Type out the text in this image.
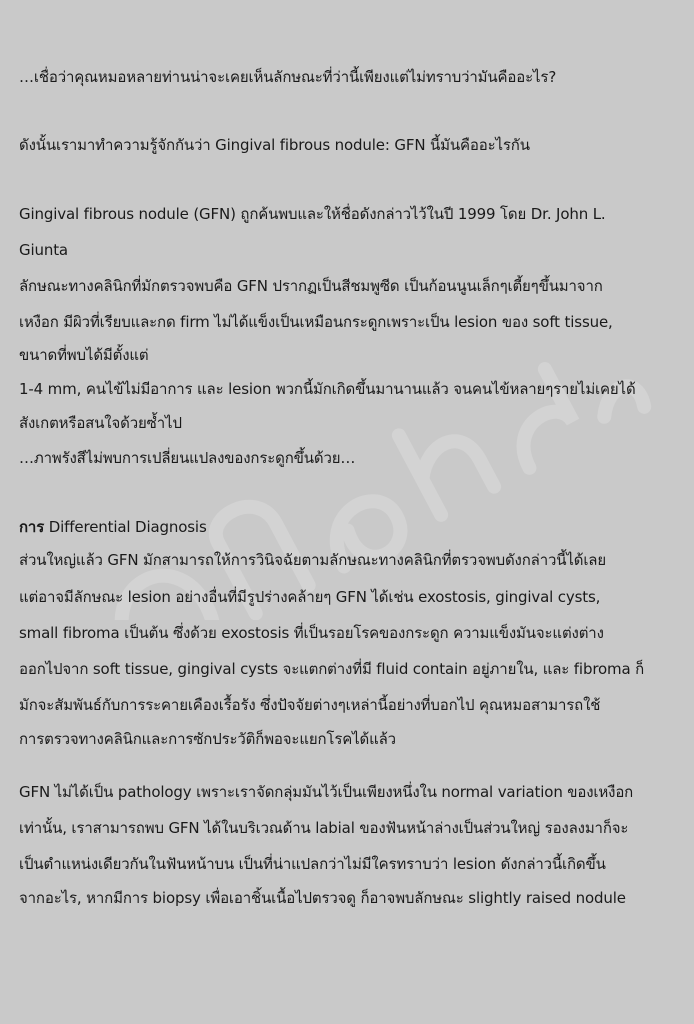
…เชื่อว่าคุณหมอหลายท่านน่าจะเคยเห็นลักษณะที่ว่านี้เพียงแต่ไม่ทราบว่ามันคืออะไร?

ดังนั้นเรามาทำความรู้จักกันว่า Gingival fibrous nodule: GFN นี้มันคืออะไรกัน

Gingival fibrous nodule (GFN) ถูกค้นพบและให้ชื่อดังกล่าวไว้ในปี 1999 โดย Dr. John L.

Giunta

ลักษณะทางคลินิกที่มักตรวจพบคือ GFN ปรากฏเป็นสีชมพูซีด เป็นก้อนนูนเล็กๆเตี้ยๆขึ้นมาจาก

เหงือก มีผิวที่เรียบและกด firm ไม่ได้แข็งเป็นเหมือนกระดูกเพราะเป็น lesion ของ soft tissue,

ขนาดที่พบได้มีตั้งแต่

1-4 mm, คนไข้ไม่มีอาการ และ lesion พวกนี้มักเกิดขึ้นมานานแล้ว จนคนไข้หลายๆรายไม่เคยได้

สังเกตหรือสนใจด้วยซ้ำไป

…ภาพรังสีไม่พบการเปลี่ยนแปลงของกระดูกขึ้นด้วย…

การ Differential Diagnosis

ส่วนใหญ่แล้ว GFN มักสามารถให้การวินิจฉัยตามลักษณะทางคลินิกที่ตรวจพบดังกล่าวนี้ได้เลย

แต่อาจมีลักษณะ lesion อย่างอื่นที่มีรูปร่างคล้ายๆ GFN ได้เช่น exostosis, gingival cysts,

small fibroma เป็นต้น ซึ่งด้วย exostosis ที่เป็นรอยโรคของกระดูก ความแข็งมันจะแต่งต่าง

ออกไปจาก soft tissue, gingival cysts จะแตกต่างที่มี fluid contain อยู่ภายใน, และ fibroma ก็

มักจะสัมพันธ์กับการระคายเคืองเรื้อรัง ซึ่งปัจจัยต่างๆเหล่านี้อย่างที่บอกไป คุณหมอสามารถใช้

การตรวจทางคลินิกและการซักประวัติก็พอจะแยกโรคได้แล้ว

GFN ไม่ได้เป็น pathology เพราะเราจัดกลุ่มมันไว้เป็นเพียงหนึ่งใน normal variation ของเหงือก

เท่านั้น, เราสามารถพบ GFN ได้ในบริเวณด้าน labial ของฟันหน้าล่างเป็นส่วนใหญ่ รองลงมาก็จะ

เป็นตำแหน่งเดียวกันในฟันหน้าบน เป็นที่น่าแปลกว่าไม่มีใครทราบว่า lesion ดังกล่าวนี้เกิดขึ้น

จากอะไร, หากมีการ biopsy เพื่อเอาชิ้นเนื้อไปตรวจดู ก็อาจพบลักษณะ slightly raised nodule
